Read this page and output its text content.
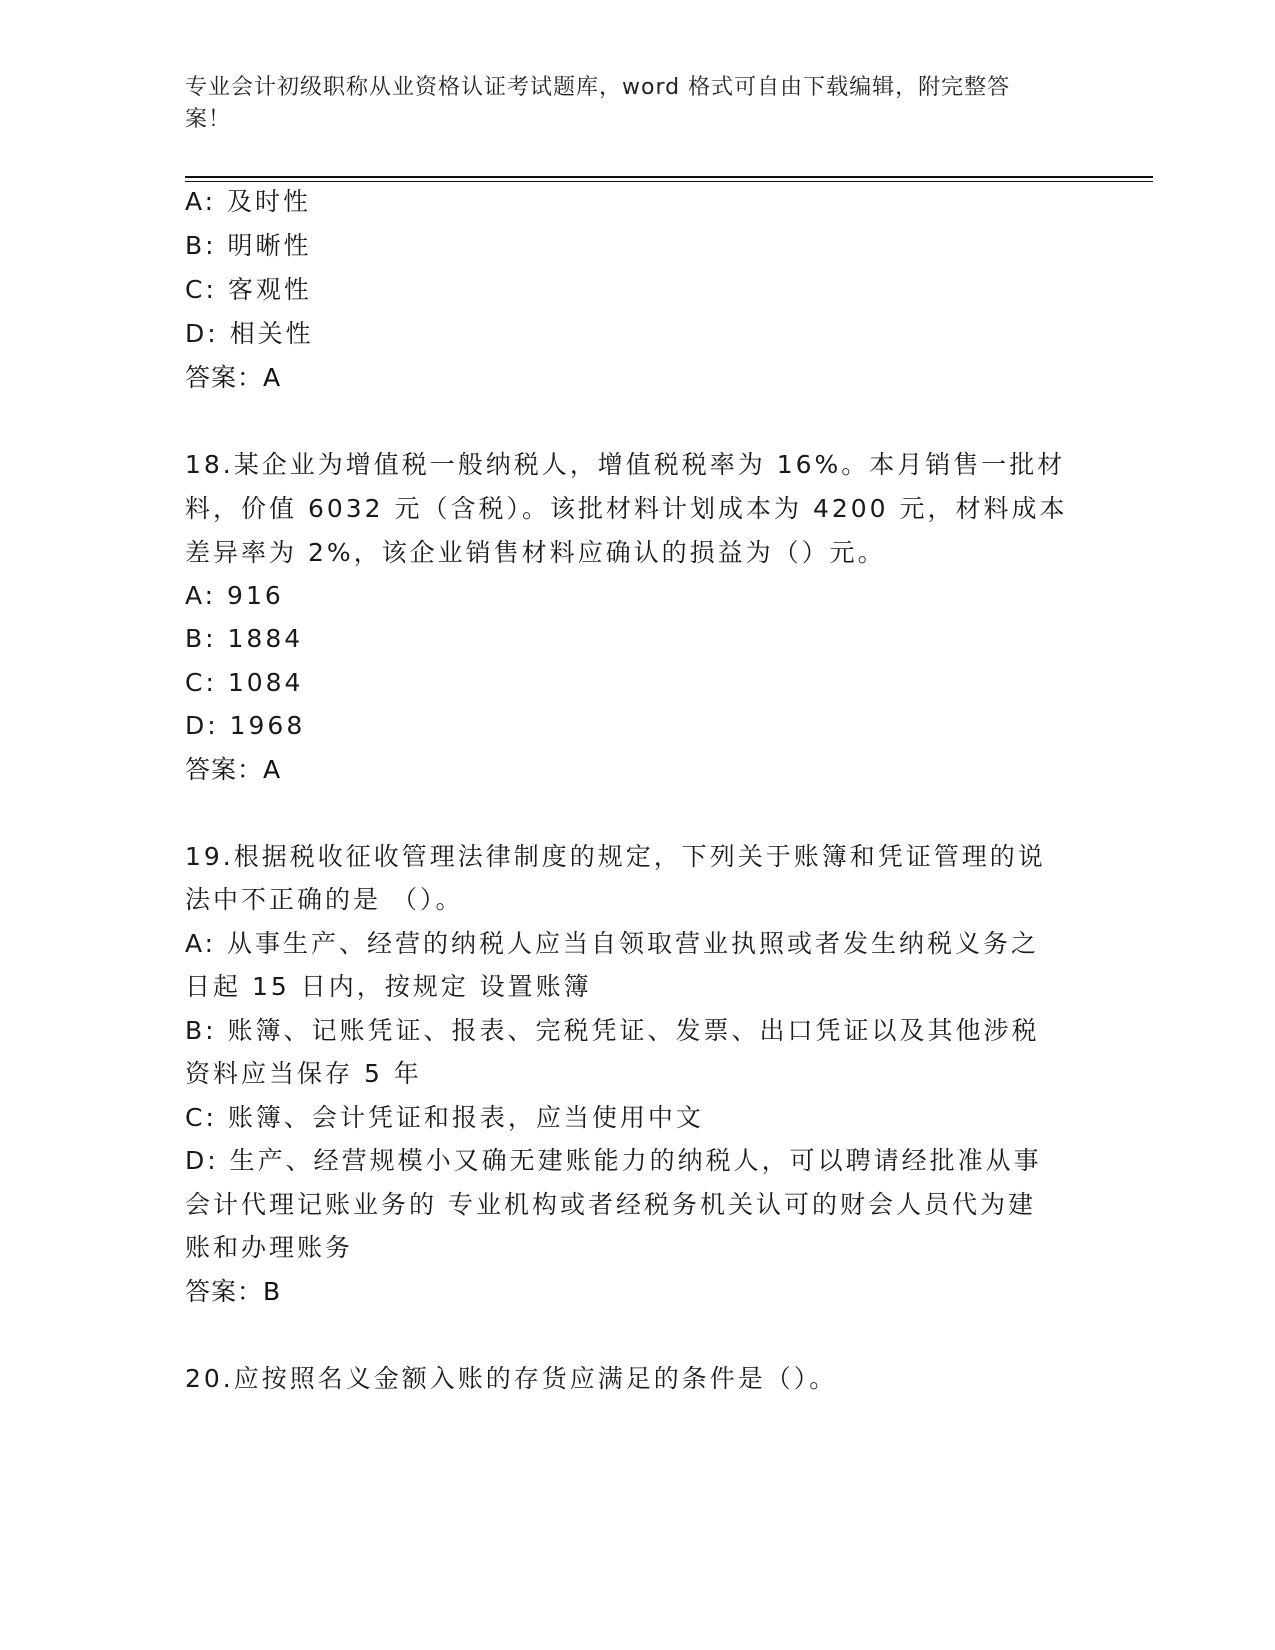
专业会计初级职称从业资格认证考试题库，word 格式可自由下载编辑，附完整答
案！
A: 及时性
B: 明晰性
C: 客观性
D: 相关性
答案：A
18.某企业为增值税一般纳税人，增值税税率为 16%。本月销售一批材
料，价值 6032 元（含税）。该批材料计划成本为 4200 元，材料成本
差异率为 2%，该企业销售材料应确认的损益为（）元。
A: 916
B: 1884
C: 1084
D: 1968
答案：A
19.根据税收征收管理法律制度的规定，下列关于账簿和凭证管理的说
法中不正确的是 （）。
A: 从事生产、经营的纳税人应当自领取营业执照或者发生纳税义务之
日起 15 日内，按规定 设置账簿
B: 账簿、记账凭证、报表、完税凭证、发票、出口凭证以及其他涉税
资料应当保存 5 年
C: 账簿、会计凭证和报表，应当使用中文
D: 生产、经营规模小又确无建账能力的纳税人，可以聘请经批准从事
会计代理记账业务的 专业机构或者经税务机关认可的财会人员代为建
账和办理账务
答案：B
20.应按照名义金额入账的存货应满足的条件是（）。
